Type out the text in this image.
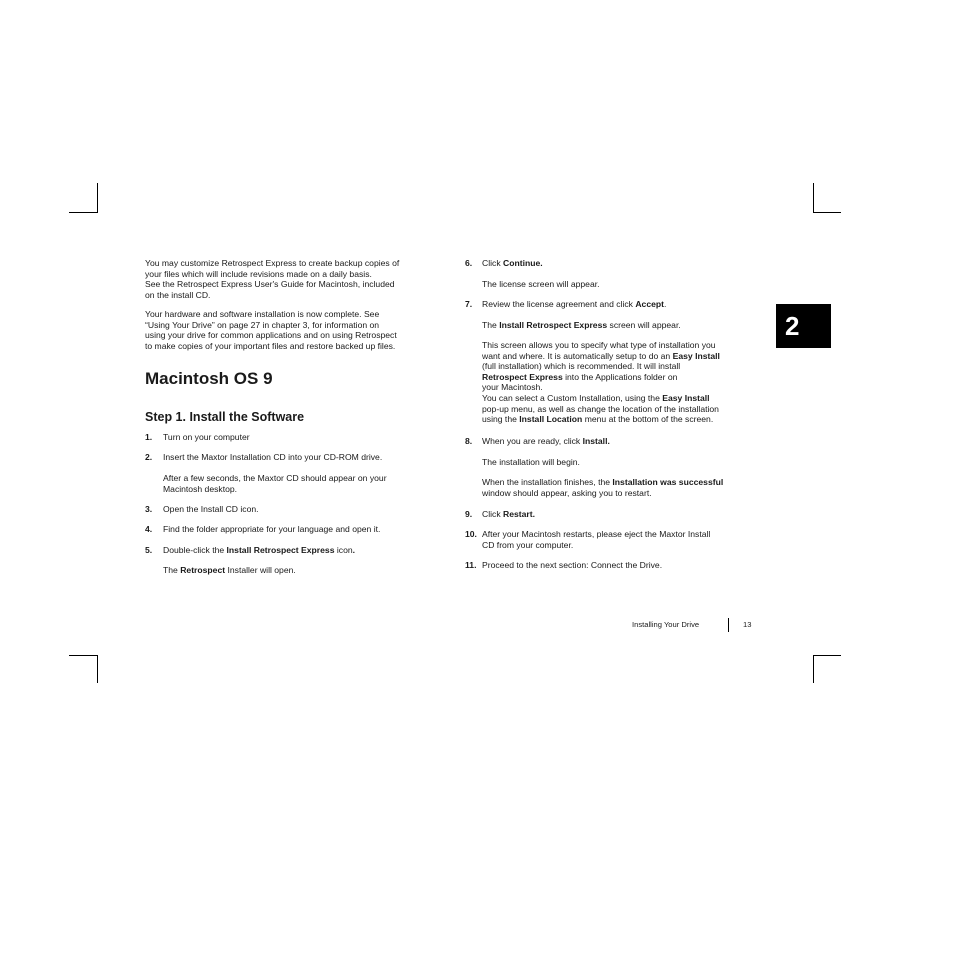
You may customize Retrospect Express to create backup copies of
your files which will include revisions made on a daily basis.
See the Retrospect Express User's Guide for Macintosh, included
on the install CD.
Your hardware and software installation is now complete. See
“Using Your Drive” on page 27 in chapter 3, for information on
using your drive for common applications and on using Retrospect
to make copies of your important files and restore backed up files.
Macintosh OS 9
Step 1. Install the Software
1. Turn on your computer
2. Insert the Maxtor Installation CD into your CD-ROM drive.
After a few seconds, the Maxtor CD should appear on your
Macintosh desktop.
3. Open the Install CD icon.
4. Find the folder appropriate for your language and open it.
5. Double-click the Install Retrospect Express icon.
The Retrospect Installer will open.
6. Click Continue.
The license screen will appear.
7. Review the license agreement and click Accept.
The Install Retrospect Express screen will appear.
This screen allows you to specify what type of installation you
want and where. It is automatically setup to do an Easy Install
(full installation) which is recommended. It will install
Retrospect Express into the Applications folder on
your Macintosh.
You can select a Custom Installation, using the Easy Install
pop-up menu, as well as change the location of the installation
using the Install Location menu at the bottom of the screen.
8. When you are ready, click Install.
The installation will begin.
When the installation finishes, the Installation was successful
window should appear, asking you to restart.
9. Click Restart.
10. After your Macintosh restarts, please eject the Maxtor Install
CD from your computer.
11. Proceed to the next section: Connect the Drive.
2
Installing Your Drive	13
